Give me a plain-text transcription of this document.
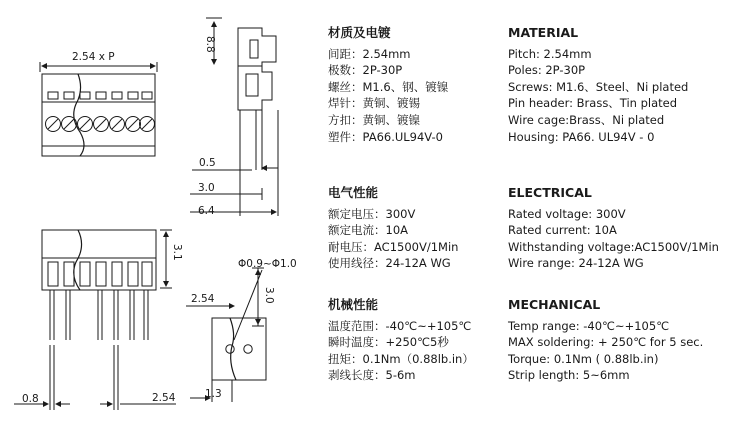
2.54 x P
8.8
0.5
3.0
6.4
3.1
0.8	2.54
Φ0.9~Φ1.0
2.54	3.0
1.3
材质及电镀
间距：2.54mm
极数：2P-30P
螺丝：M1.6、钢、镀镍
焊针：黄铜、镀锡
方扣：黄铜、镀镍
塑件：PA66.UL94V-0
电气性能
额定电压：300V
额定电流：10A
耐电压：AC1500V/1Min
使用线径：24-12A WG
机械性能
温度范围：-40℃~+105℃
瞬时温度：+250℃5秒
扭矩：0.1Nm（0.88lb.in）
剥线长度：5-6m
MATERIAL
Pitch: 2.54mm
Poles: 2P-30P
Screws: M1.6、Steel、Ni plated
Pin header: Brass、Tin plated
Wire cage:Brass、Ni plated
Housing: PA66. UL94V - 0
ELECTRICAL
Rated voltage: 300V
Rated current: 10A
Withstanding voltage:AC1500V/1Min
Wire range: 24-12A WG
MECHANICAL
Temp range: -40℃~+105℃
MAX soldering: + 250℃ for 5 sec.
Torque: 0.1Nm ( 0.88lb.in)
Strip length: 5~6mm
